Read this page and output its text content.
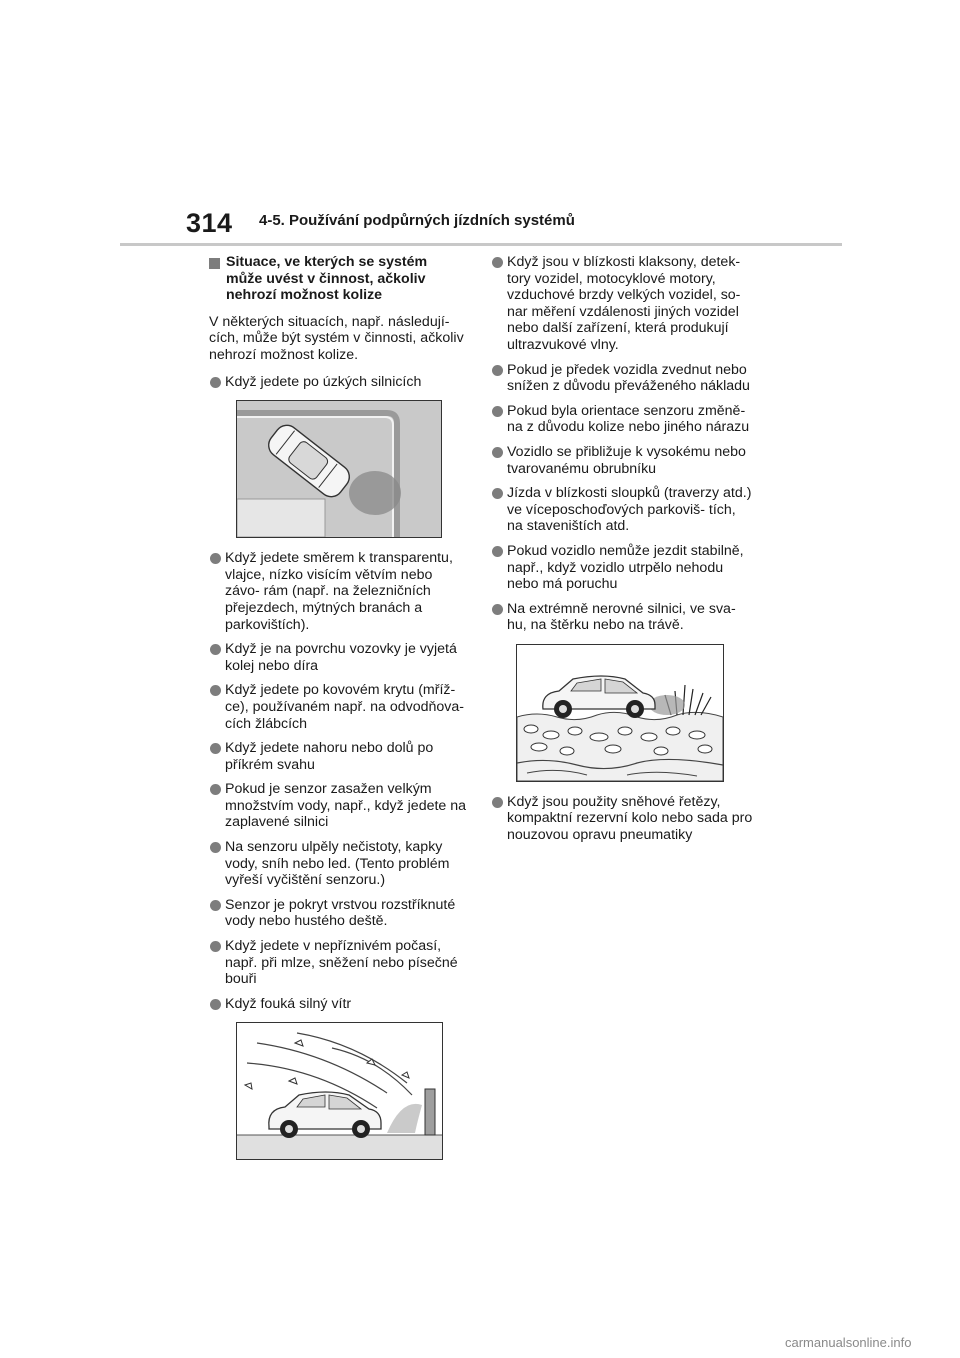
314 4-5. Používání podpůrných jízdních systémů
Situace, ve kterých se systém může uvést v činnost, ačkoliv nehrozí možnost kolize
V některých situacích, např. následují- cích, může být systém v činnosti, ačkoliv nehrozí možnost kolize.
Když jedete po úzkých silnicích
Když jedete směrem k transparentu, vlajce, nízko visícím větvím nebo závo- rám (např. na železničních přejezdech, mýtných branách a parkovištích).
Když je na povrchu vozovky je vyjetá kolej nebo díra
Když jedete po kovovém krytu (mříž- ce), používaném např. na odvodňova- cích žlábcích
Když jedete nahoru nebo dolů po příkrém svahu
Pokud je senzor zasažen velkým množstvím vody, např., když jedete na zaplavené silnici
Na senzoru ulpěly nečistoty, kapky vody, sníh nebo led. (Tento problém vyřeší vyčištění senzoru.)
Senzor je pokryt vrstvou rozstříknuté vody nebo hustého deště.
Když jedete v nepříznivém počasí, např. při mlze, sněžení nebo písečné bouři
Když fouká silný vítr
Když jsou v blízkosti klaksony, detek- tory vozidel, motocyklové motory, vzduchové brzdy velkých vozidel, so- nar měření vzdálenosti jiných vozidel nebo další zařízení, která produkují ultrazvukové vlny.
Pokud je předek vozidla zvednut nebo snížen z důvodu převáženého nákladu
Pokud byla orientace senzoru změně- na z důvodu kolize nebo jiného nárazu
Vozidlo se přibližuje k vysokému nebo tvarovanému obrubníku
Jízda v blízkosti sloupků (traverzy atd.) ve víceposchoďových parkoviš- tích, na staveništích atd.
Pokud vozidlo nemůže jezdit stabilně, např., když vozidlo utrpělo nehodu nebo má poruchu
Na extrémně nerovné silnici, ve sva- hu, na štěrku nebo na trávě.
Když jsou použity sněhové řetězy, kompaktní rezervní kolo nebo sada pro nouzovou opravu pneumatiky
carmanualsonline.info
